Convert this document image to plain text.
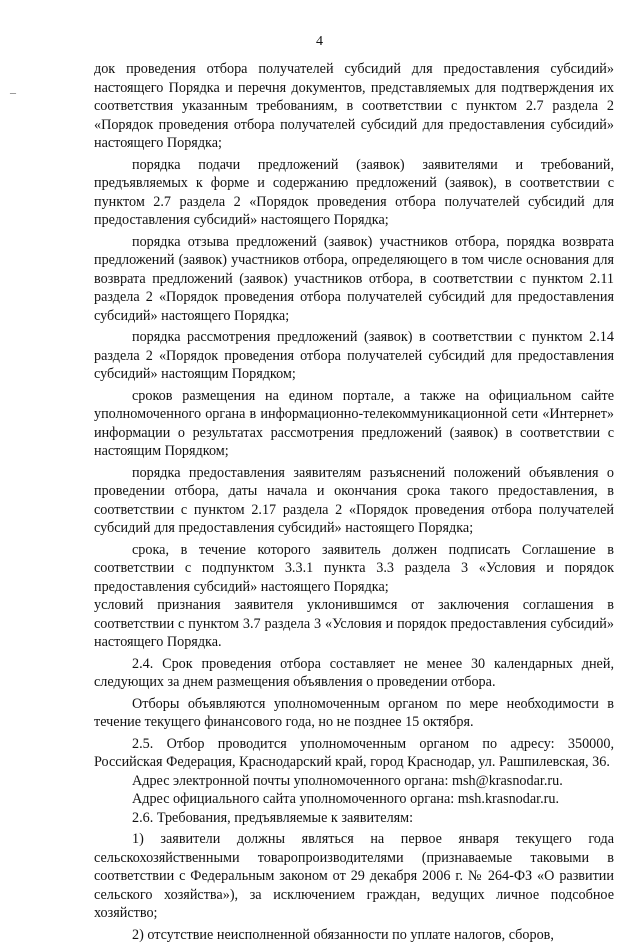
4
–

док проведения отбора получателей субсидий для предоставления субсидий» настоящего Порядка и перечня документов, представляемых для подтверждения их соответствия указанным требованиям, в соответствии с пунктом 2.7 раздела 2 «Порядок проведения отбора получателей субсидий для предоставления субсидий» настоящего Порядка;

порядка подачи предложений (заявок) заявителями и требований, предъявляемых к форме и содержанию предложений (заявок), в соответствии с пунктом 2.7 раздела 2 «Порядок проведения отбора получателей субсидий для предоставления субсидий» настоящего Порядка;

порядка отзыва предложений (заявок) участников отбора, порядка возврата предложений (заявок) участников отбора, определяющего в том числе основания для возврата предложений (заявок) участников отбора, в соответствии с пунктом 2.11 раздела 2 «Порядок проведения отбора получателей субсидий для предоставления субсидий» настоящего Порядка;

порядка рассмотрения предложений (заявок) в соответствии с пунктом 2.14 раздела 2 «Порядок проведения отбора получателей субсидий для предоставления субсидий» настоящим Порядком;

сроков размещения на едином портале, а также на официальном сайте уполномоченного органа в информационно-телекоммуникационной сети «Интернет» информации о результатах рассмотрения предложений (заявок) в соответствии с настоящим Порядком;

порядка предоставления заявителям разъяснений положений объявления о проведении отбора, даты начала и окончания срока такого предоставления, в соответствии с пунктом 2.17 раздела 2 «Порядок проведения отбора получателей субсидий для предоставления субсидий» настоящего Порядка;

срока, в течение которого заявитель должен подписать Соглашение в соответствии с подпунктом 3.3.1 пункта 3.3 раздела 3 «Условия и порядок предоставления субсидий» настоящего Порядка;

условий признания заявителя уклонившимся от заключения соглашения в соответствии с пунктом 3.7 раздела 3 «Условия и порядок предоставления субсидий» настоящего Порядка.

2.4. Срок проведения отбора составляет не менее 30 календарных дней, следующих за днем размещения объявления о проведении отбора.

Отборы объявляются уполномоченным органом по мере необходимости в течение текущего финансового года, но не позднее 15 октября.

2.5. Отбор проводится уполномоченным органом по адресу: 350000, Российская Федерация, Краснодарский край, город Краснодар, ул. Рашпилевская, 36.

Адрес электронной почты уполномоченного органа: msh@krasnodar.ru.

Адрес официального сайта уполномоченного органа: msh.krasnodar.ru.

2.6. Требования, предъявляемые к заявителям:

1) заявители должны являться на первое января текущего года сельскохозяйственными товаропроизводителями (признаваемые таковыми в соответствии с Федеральным законом от 29 декабря 2006 г. № 264-ФЗ «О развитии сельского хозяйства»), за исключением граждан, ведущих личное подсобное хозяйство;

2) отсутствие неисполненной обязанности по уплате налогов, сборов,
